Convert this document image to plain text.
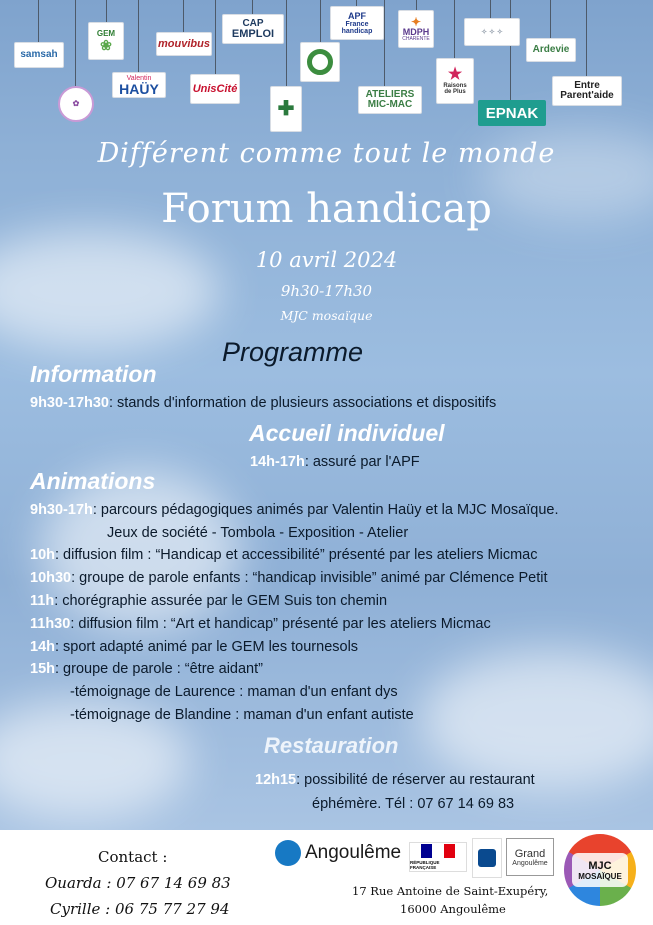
samsah
✿
GEM
❀
Valentin
HAÜY
mouvibus
UnisCité
CAP
EMPLOI
✚
APF
France
handicap
ATELIERS
MIC-MAC
✦
MDPH
CHARENTE
★
Raisons
de Plus
✧ ✧ ✧
EPNAK
Ardevie
Entre
Parent'aide
Différent comme tout le monde
Forum handicap
10 avril 2024
9h30-17h30
MJC mosaïque
Programme
Information
9h30-17h30: stands d'information de plusieurs associations et dispositifs
Accueil individuel
14h-17h: assuré par l'APF
Animations
9h30-17h: parcours pédagogiques animés par Valentin Haüy et la MJC Mosaïque.
Jeux de société - Tombola - Exposition - Atelier
10h: diffusion film : “Handicap et accessibilité” présenté par les ateliers Micmac
10h30: groupe de parole enfants : “handicap invisible” animé par Clémence Petit
11h: chorégraphie assurée par le GEM Suis ton chemin
11h30: diffusion film : “Art et handicap” présenté par les ateliers Micmac
14h: sport adapté animé par le GEM les tournesols
15h: groupe de parole : “être aidant”
-témoignage de Laurence : maman d'un enfant dys
-témoignage de Blandine : maman d'un enfant autiste
Restauration
12h15: possibilité de réserver au restaurant
éphémère. Tél : 07 67 14 69 83
Contact :
Ouarda : 07 67 14 69 83
Cyrille : 06 75 77 27 94
Angoulême RÉPUBLIQUE FRANÇAISE
Grand
Angoulême	MJC
MOSAÏQUE
17 Rue Antoine de Saint-Exupéry,
16000 Angoulême
